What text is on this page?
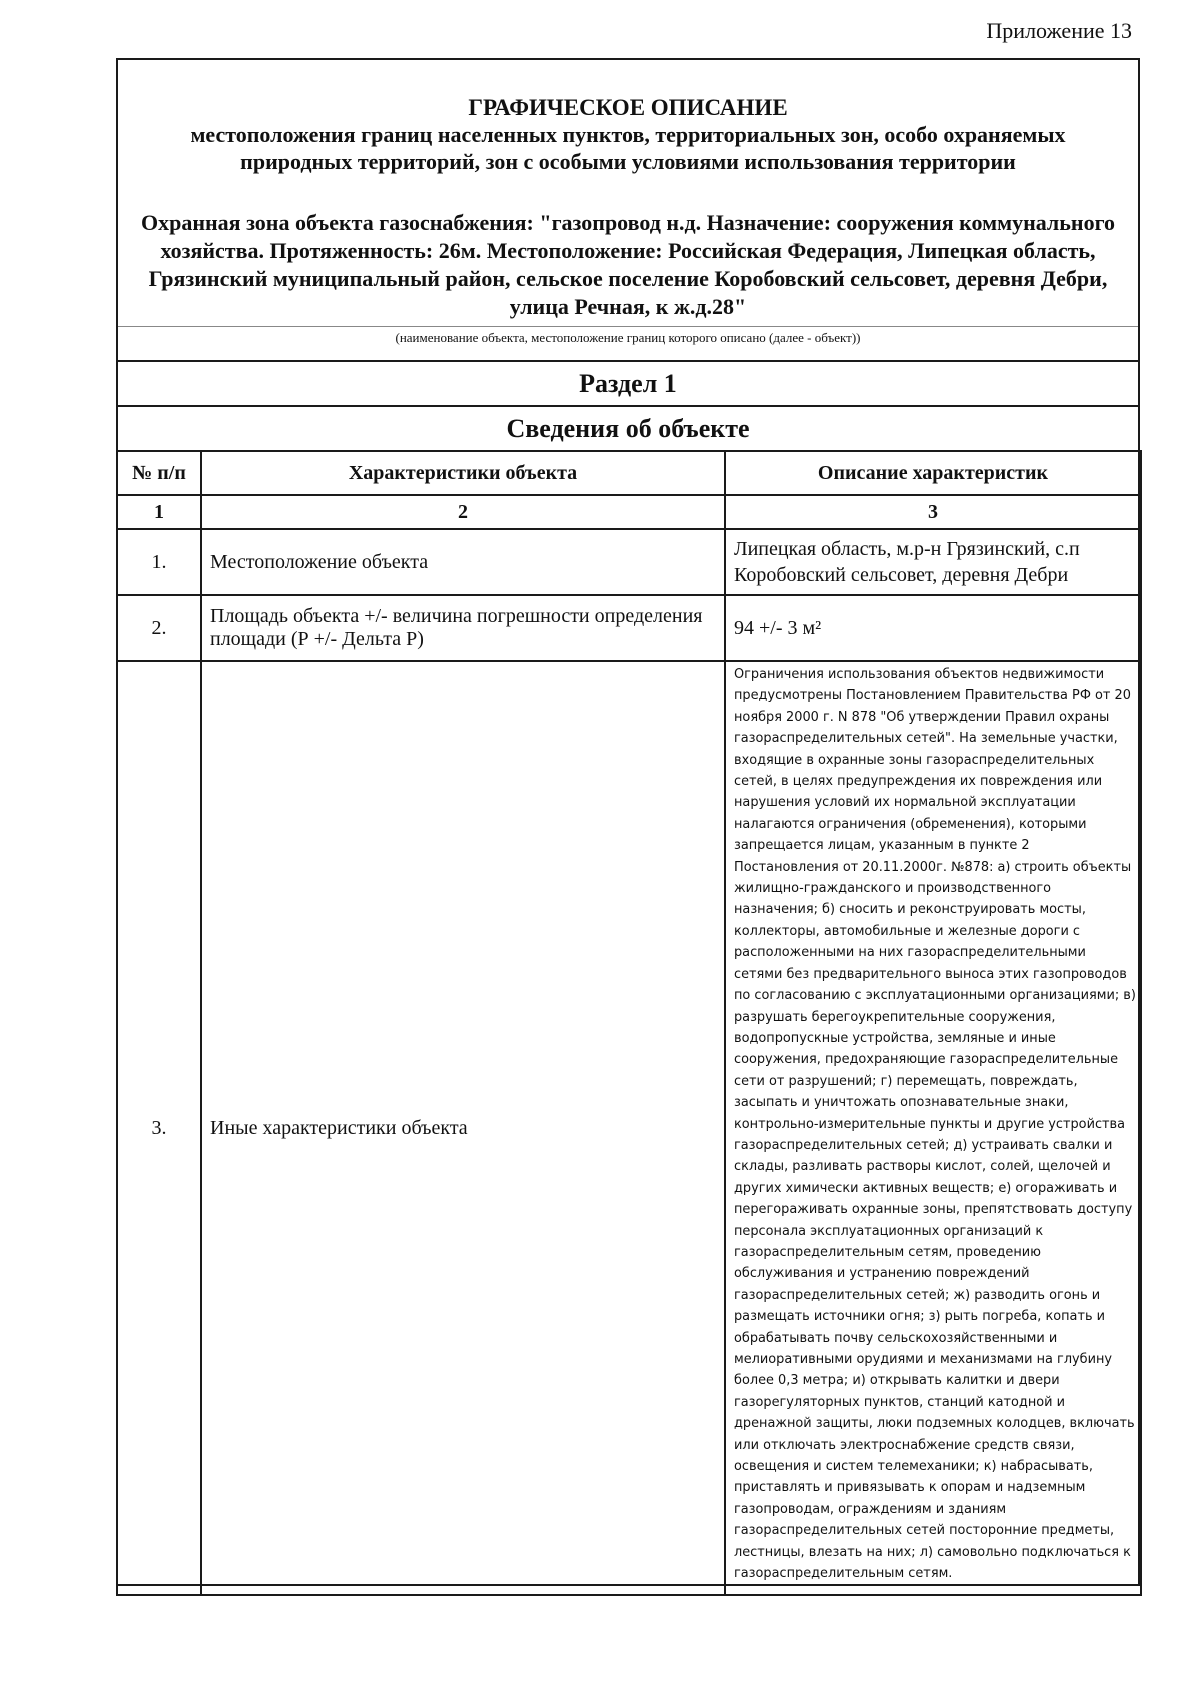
Приложение 13
ГРАФИЧЕСКОЕ ОПИСАНИЕ
местоположения границ населенных пунктов, территориальных зон, особо охраняемых природных территорий, зон с особыми условиями использования территории
Охранная зона объекта газоснабжения: "газопровод н.д. Назначение: сооружения коммунального хозяйства. Протяженность: 26м. Местоположение: Российская Федерация, Липецкая область, Грязинский муниципальный район, сельское поселение Коробовский сельсовет, деревня Дебри, улица Речная, к ж.д.28"
(наименование объекта, местоположение границ которого описано (далее - объект))
Раздел 1
Сведения об объекте
№ п/п	Характеристики объекта	Описание характеристик
1	2	3
1.	Местоположение объекта	Липецкая область, м.р-н Грязинский, с.п Коробовский сельсовет, деревня Дебри
2.	Площадь объекта +/- величина погрешности определения площади (Р +/- Дельта Р)	94 +/- 3 м²
3.	Иные характеристики объекта	Ограничения использования объектов недвижимости предусмотрены Постановлением Правительства РФ от 20 ноября 2000 г. N 878 "Об утверждении Правил охраны газораспределительных сетей". На земельные участки, входящие в охранные зоны газораспределительных сетей, в целях предупреждения их повреждения или нарушения условий их нормальной эксплуатации налагаются ограничения (обременения), которыми запрещается лицам, указанным в пункте 2 Постановления от 20.11.2000г. №878: а) строить объекты жилищно-гражданского и производственного назначения; б) сносить и реконструировать мосты, коллекторы, автомобильные и железные дороги с расположенными на них газораспределительными сетями без предварительного выноса этих газопроводов по согласованию с эксплуатационными организациями; в) разрушать берегоукрепительные сооружения, водопропускные устройства, земляные и иные сооружения, предохраняющие газораспределительные сети от разрушений; г) перемещать, повреждать, засыпать и уничтожать опознавательные знаки, контрольно-измерительные пункты и другие устройства газораспределительных сетей; д) устраивать свалки и склады, разливать растворы кислот, солей, щелочей и других химически активных веществ; е) огораживать и перегораживать охранные зоны, препятствовать доступу персонала эксплуатационных организаций к газораспределительным сетям, проведению обслуживания и устранению повреждений газораспределительных сетей; ж) разводить огонь и размещать источники огня; з) рыть погреба, копать и обрабатывать почву сельскохозяйственными и мелиоративными орудиями и механизмами на глубину более 0,3 метра; и) открывать калитки и двери газорегуляторных пунктов, станций катодной и дренажной защиты, люки подземных колодцев, включать или отключать электроснабжение средств связи, освещения и систем телемеханики; к) набрасывать, приставлять и привязывать к опорам и надземным газопроводам, ограждениям и зданиям газораспределительных сетей посторонние предметы, лестницы, влезать на них; л) самовольно подключаться к газораспределительным сетям.
